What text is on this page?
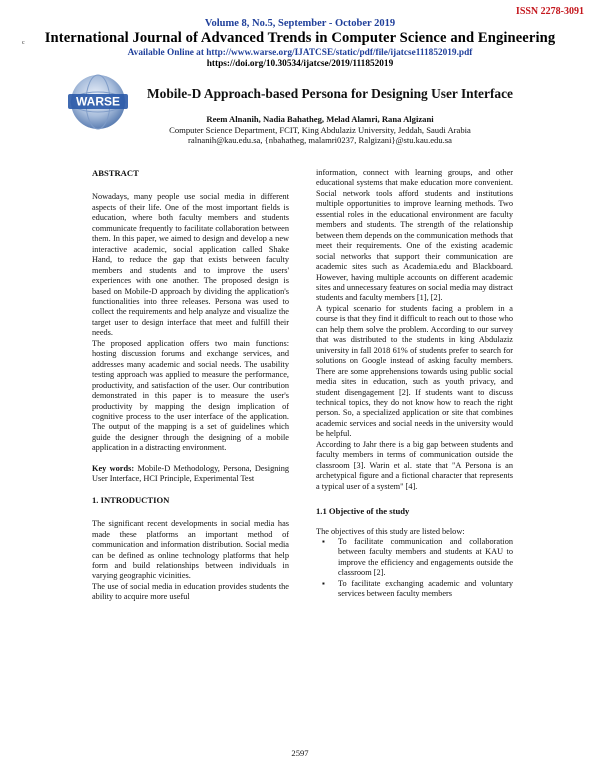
ISSN 2278-3091
c
Volume 8, No.5, September - October 2019
International Journal of Advanced Trends in Computer Science and Engineering
Available Online at http://www.warse.org/IJATCSE/static/pdf/file/ijatcse111852019.pdf
https://doi.org/10.30534/ijatcse/2019/111852019
WARSE
Mobile-D Approach-based Persona for Designing User Interface
Reem Alnanih, Nadia Bahatheg, Melad Alamri, Rana Algizani
Computer Science Department, FCIT, King Abdulaziz University, Jeddah, Saudi Arabia
ralnanih@kau.edu.sa, {nbahatheg, malamri0237, Ralgizani}@stu.kau.edu.sa

ABSTRACT

Nowadays, many people use social media in different aspects of their life. One of the most important fields is education, where both faculty members and students communicate frequently to facilitate collaboration between them. In this paper, we aimed to design and develop a new interactive academic, social application called Shake Hand, to reduce the gap that exists between faculty members and students and to improve the users' experiences with one another. The proposed design is based on Mobile-D approach by dividing the application's functionalities into three releases. Persona was used to collect the requirements and help analyze and visualize the target user to design interface that meet and fulfill their needs.

The proposed application offers two main functions: hosting discussion forums and exchange services, and addresses many academic and social needs. The usability testing approach was applied to measure the performance, productivity, and satisfaction of the user. Our contribution demonstrated in this paper is to measure the user's productivity by mapping the design implication of cognitive process to the user interface of the application. The output of the mapping is a set of guidelines which guide the designer through the designing of a mobile application in a distracting environment.

Key words: Mobile-D Methodology, Persona, Designing User Interface, HCI Principle, Experimental Test

1. INTRODUCTION

The significant recent developments in social media has made these platforms an important method of communication and information distribution. Social media can be defined as online technology platforms that help form and build relationships between individuals in varying geographic vicinities.

The use of social media in education provides students the ability to acquire more useful

information, connect with learning groups, and other educational systems that make education more convenient. Social network tools afford students and institutions multiple opportunities to improve learning methods. Two essential roles in the educational environment are faculty members and students. The strength of the relationship between them depends on the communication methods that meet their requirements. One of the existing academic social networks that support their communication are academic sites such as Academia.edu and Blackboard. However, having multiple accounts on different academic sites and unnecessary features on social media may distract students and faculty members [1], [2].

A typical scenario for students facing a problem in a course is that they find it difficult to reach out to those who can help them solve the problem. According to our survey that was distributed to the students in king Abdulaziz university in fall 2018 61% of students prefer to search for solutions on Google instead of asking faculty members. There are some apprehensions towards using public social media sites in education, such as youth privacy, and student disengagement [2]. If students want to discuss technical topics, they do not know how to reach the right person. So, a specialized application or site that combines academic services and social needs in the university would be helpful.

According to Jahr there is a big gap between students and faculty members in terms of communication outside the classroom [3]. Warin et al. state that "A Persona is an archetypical figure and a fictional character that represents a typical user of a system" [4].

1.1 Objective of the study

The objectives of this study are listed below:

▪ To facilitate communication and collaboration between faculty members and students at KAU to improve the efficiency and engagements outside the classroom [2].
▪ To facilitate exchanging academic and voluntary services between faculty members
2597
